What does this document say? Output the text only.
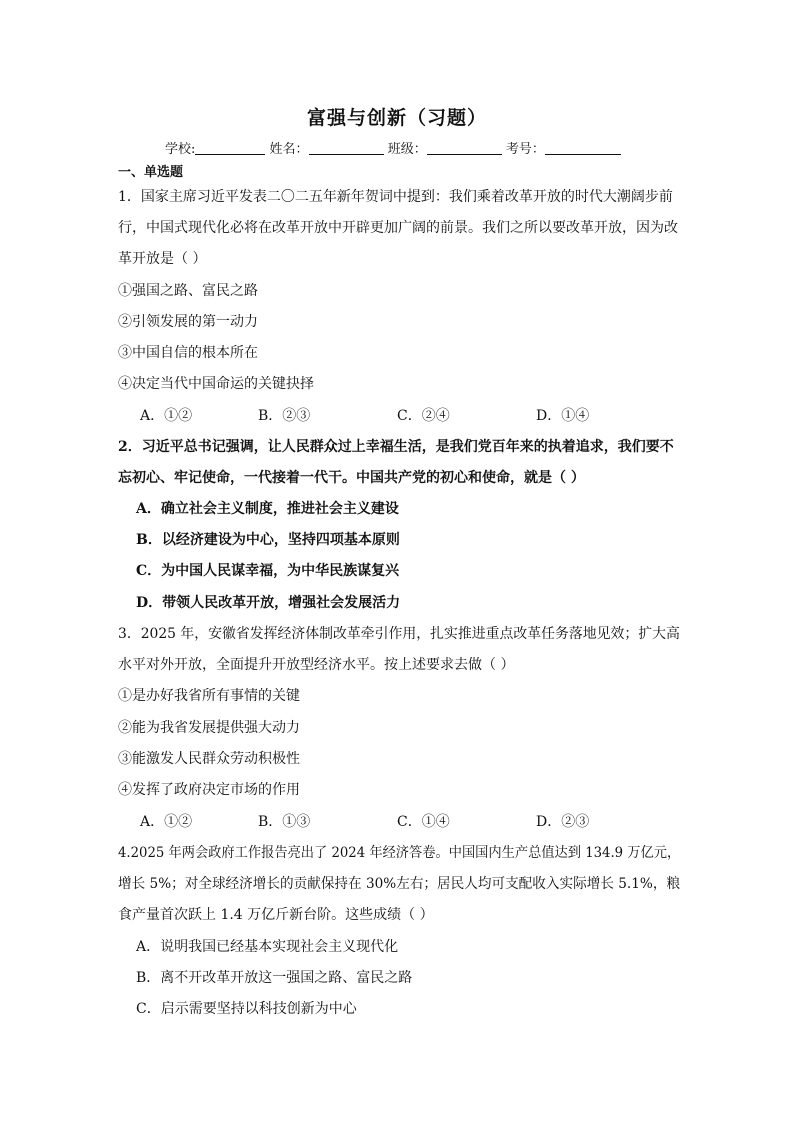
富强与创新（习题）
学校:	姓名：	班级：	考号：
一、单选题
1．国家主席习近平发表二〇二五年新年贺词中提到：我们乘着改革开放的时代大潮阔步前
行，中国式现代化必将在改革开放中开辟更加广阔的前景。我们之所以要改革开放，因为改
革开放是（ ）
①强国之路、富民之路
②引领发展的第一动力
③中国自信的根本所在
④决定当代中国命运的关键抉择
A．①②	B．②③	C．②④	D．①④
2．习近平总书记强调，让人民群众过上幸福生活，是我们党百年来的执着追求，我们要不
忘初心、牢记使命，一代接着一代干。中国共产党的初心和使命，就是（ ）
A．确立社会主义制度，推进社会主义建设
B．以经济建设为中心，坚持四项基本原则
C．为中国人民谋幸福，为中华民族谋复兴
D．带领人民改革开放，增强社会发展活力
3．2025 年，安徽省发挥经济体制改革牵引作用，扎实推进重点改革任务落地见效；扩大高
水平对外开放，全面提升开放型经济水平。按上述要求去做（ ）
①是办好我省所有事情的关键
②能为我省发展提供强大动力
③能激发人民群众劳动积极性
④发挥了政府决定市场的作用
A．①②	B．①③	C．①④	D．②③
4.2025 年两会政府工作报告亮出了 2024 年经济答卷。中国国内生产总值达到 134.9 万亿元，
增长 5%；对全球经济增长的贡献保持在 30%左右；居民人均可支配收入实际增长 5.1%，粮
食产量首次跃上 1.4 万亿斤新台阶。这些成绩（ ）
A．说明我国已经基本实现社会主义现代化
B．离不开改革开放这一强国之路、富民之路
C．启示需要坚持以科技创新为中心
